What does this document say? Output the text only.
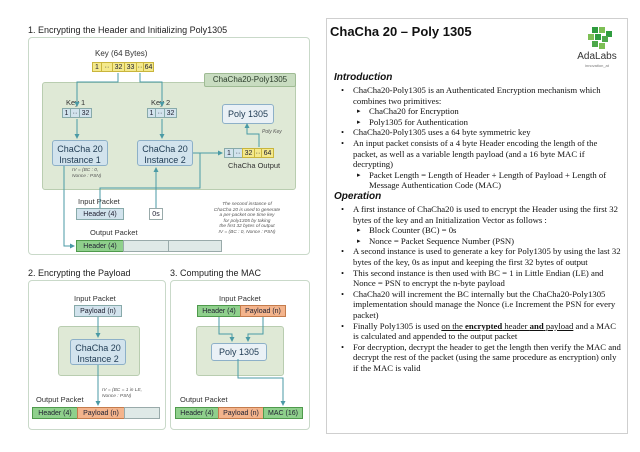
1. Encrypting the Header and Initializing Poly1305
Key (64 Bytes)
1 ·· 32 33 ·· 64
ChaCha20-Poly1305
Key 1	Key 2
1 ·· 32	1 ·· 32	Poly 1305
Poly Key
ChaCha 20
Instance 1
ChaCha 20
Instance 2
1 ·· 32 ·· 64
ChaCha Output
IV = (BC : 0,
Nonce : PSN)
The second instance of
ChaCha 20 is used to generate
a per-packet one time key
for poly1305 by taking
the first 32 bytes of output
IV = (BC : 0, Nonce : PSN)
Input Packet
Header (4)	0s
Output Packet
Header (4)
2. Encrypting the Payload
Input Packet
Payload (n)
ChaCha 20
Instance 2
IV = (BC = 1 in LE,
Nonce : PSN)
Output Packet
Header (4)	Payload (n)
3. Computing the MAC
Input Packet
Header (4)	Payload (n)
Poly 1305
Output Packet
Header (4)	Payload (n)	MAC (16)
ChaCha 20 – Poly 1305
AdaLabs
innovation_at
Introduction
• ChaCha20-Poly1305 is an Authenticated Encryption mechanism which combines two primitives:
▸ ChaCha20 for Encryption
▸ Poly1305 for Authentication
• ChaCha20-Poly1305 uses a 64 byte symmetric key
• An input packet consists of a 4 byte Header encoding the length of the packet, as well as a variable length payload (and a 16 byte MAC if decrypting)
▸ Packet Length = Length of Header + Length of Payload + Length of Message Authentication Code (MAC)
Operation
• A first instance of ChaCha20 is used to encrypt the Header using the first 32 bytes of the key and an Initialization Vector as follows :
▸ Block Counter (BC) = 0s
▸ Nonce = Packet Sequence Number (PSN)
• A second instance is used to generate a key for Poly1305 by using the last 32 bytes of the key, 0s as input and keeping the first 32 bytes of output
• This second instance is then used with BC = 1 in Little Endian (LE) and Nonce = PSN to encrypt the n-byte payload
• ChaCha20 will increment the BC internally but the ChaCha20-Poly1305 implementation should manage the Nonce (i.e Increment the PSN for every packet)
• Finally Poly1305 is used on the encrypted header and payload and a MAC is calculated and appended to the output packet
• For decryption, decrypt the header to get the length then verify the MAC and decrypt the rest of the packet (using the same procedure as encryption) only if the MAC is valid
